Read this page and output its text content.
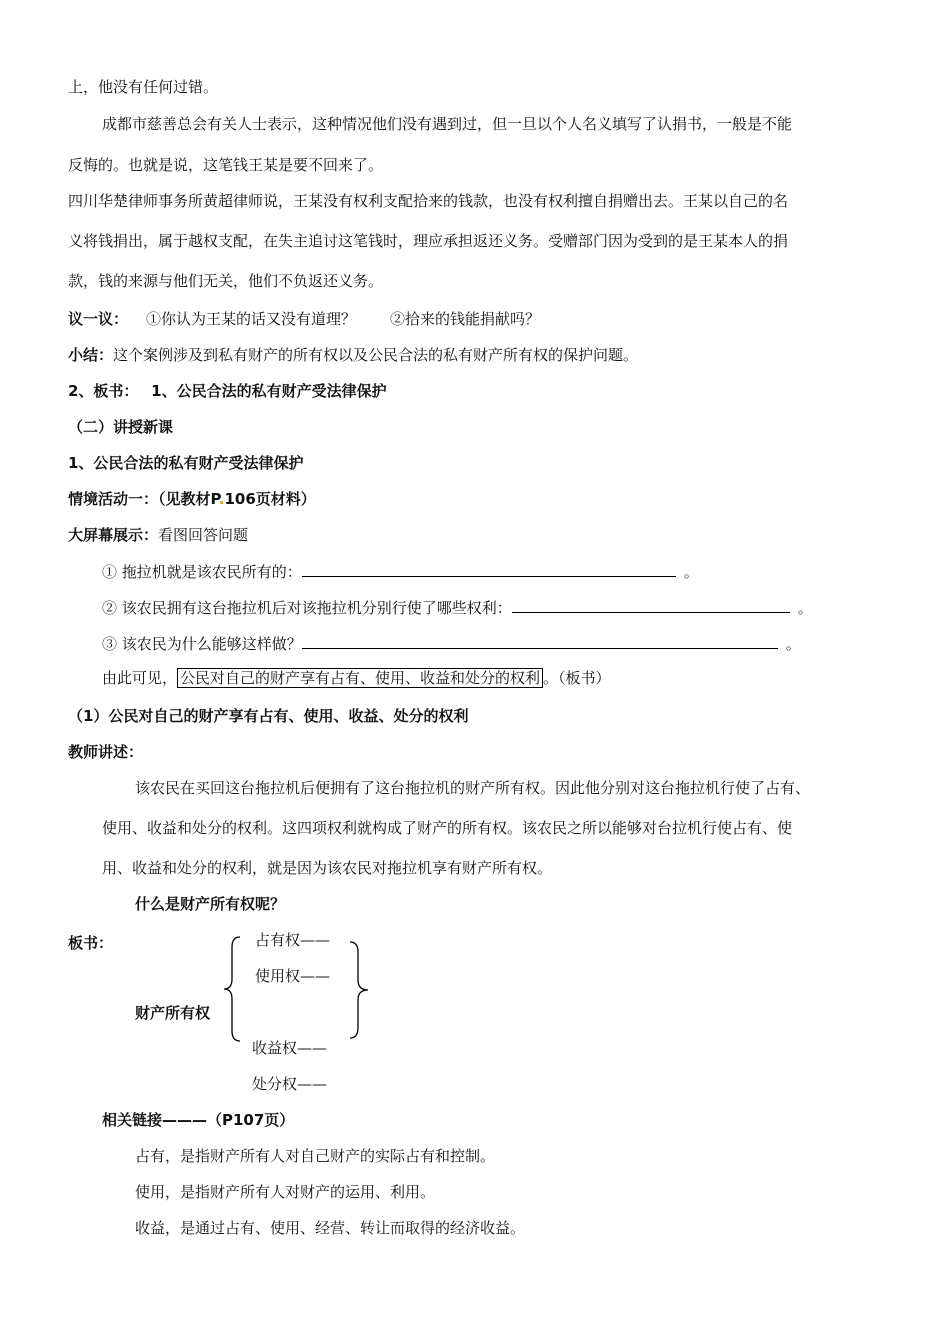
上，他没有任何过错。
成都市慈善总会有关人士表示，这种情况他们没有遇到过，但一旦以个人名义填写了认捐书，一般是不能
反悔的。也就是说，这笔钱王某是要不回来了。
四川华楚律师事务所黄超律师说，王某没有权利支配拾来的钱款，也没有权利擅自捐赠出去。王某以自己的名
义将钱捐出，属于越权支配，在失主追讨这笔钱时，理应承担返还义务。受赠部门因为受到的是王某本人的捐
款，钱的来源与他们无关，他们不负返还义务。
议一议： ①你认为王某的话又没有道理？ ②拾来的钱能捐献吗？
小结：这个案例涉及到私有财产的所有权以及公民合法的私有财产所有权的保护问题。
2、板书：　 1、公民合法的私有财产受法律保护
（二）讲授新课
1、公民合法的私有财产受法律保护
情境活动一：（见教材P.106页材料）
大屏幕展示：看图回答问题
① 拖拉机就是该农民所有的：	。
② 该农民拥有这台拖拉机后对该拖拉机分别行使了哪些权利：	。
③ 该农民为什么能够这样做？	。
由此可见， 公民对自己的财产享有占有、使用、收益和处分的权利 。（板书）
（1）公民对自己的财产享有占有、使用、收益、处分的权利
教师讲述：
该农民在买回这台拖拉机后便拥有了这台拖拉机的财产所有权。因此他分别对这台拖拉机行使了占有、
使用、收益和处分的权利。这四项权利就构成了财产的所有权。该农民之所以能够对台拉机行使占有、使
用、收益和处分的权利，就是因为该农民对拖拉机享有财产所有权。
什么是财产所有权呢？
板书：
财产所有权
占有权——
使用权——
收益权——
处分权——
相关链接———（P107页）
占有，是指财产所有人对自己财产的实际占有和控制。
使用，是指财产所有人对财产的运用、利用。
收益，是通过占有、使用、经营、转让而取得的经济收益。
